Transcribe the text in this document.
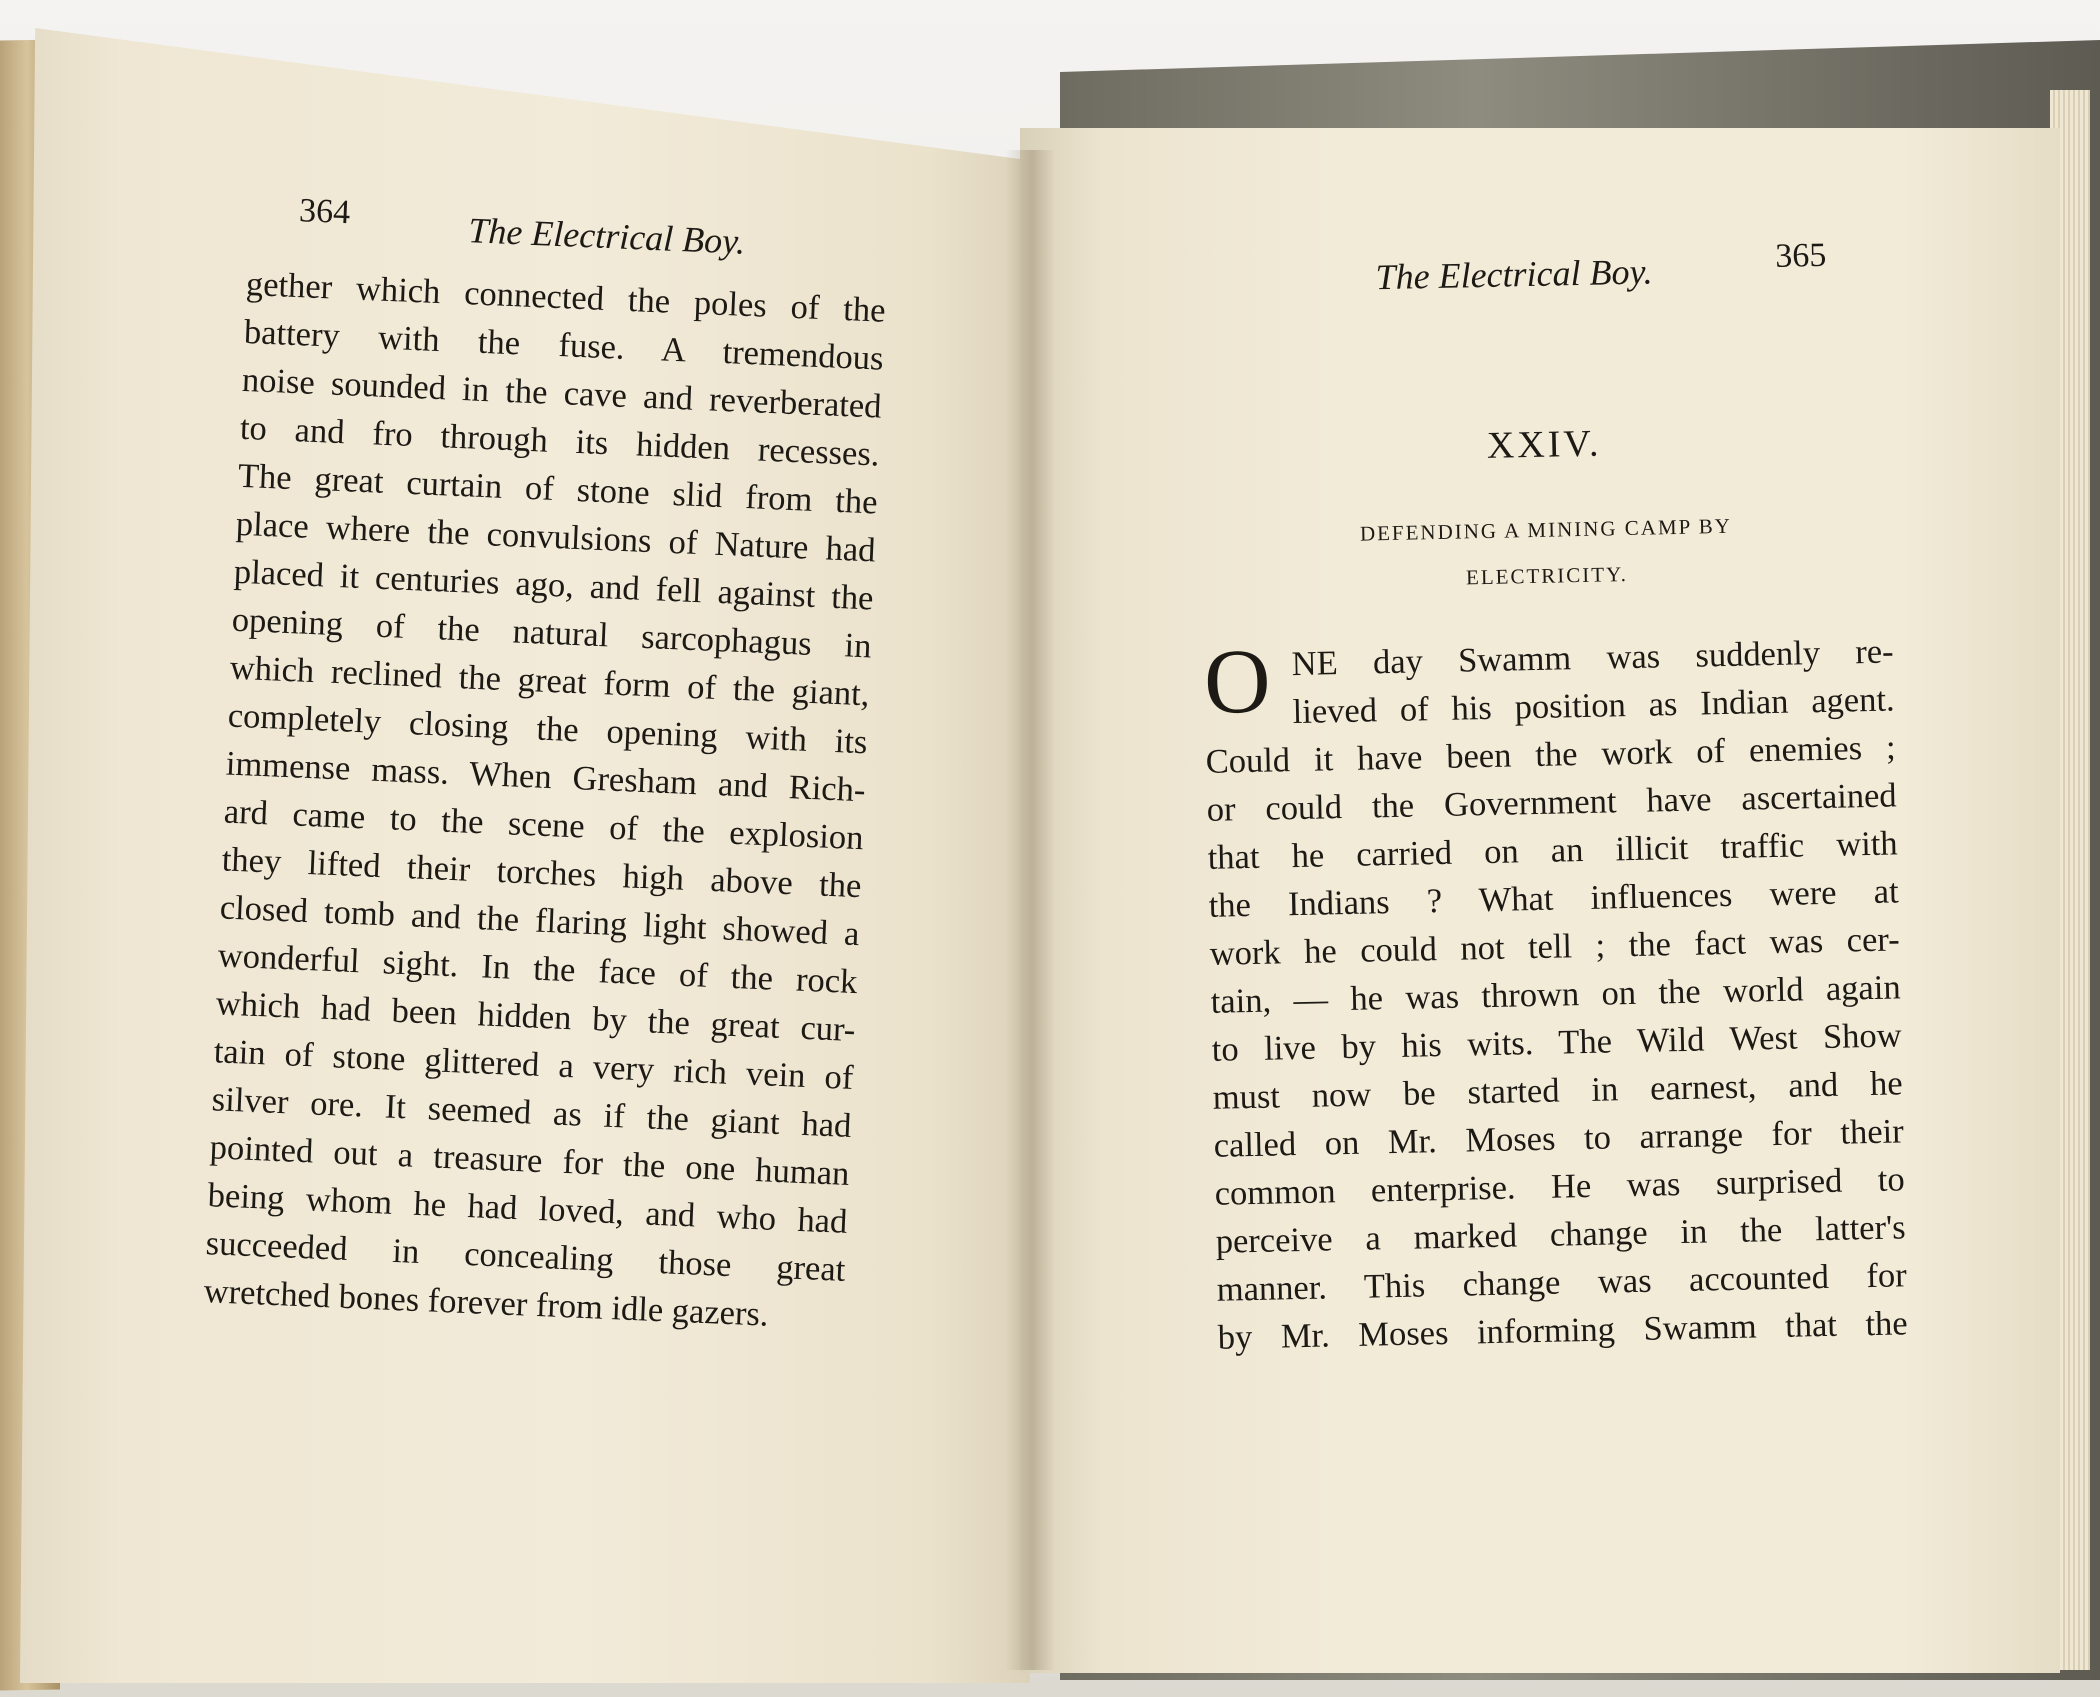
364	The Electrical Boy.
gether which connected the poles of the
battery with the fuse. A tremendous
noise sounded in the cave and reverberated
to and fro through its hidden recesses.
The great curtain of stone slid from the
place where the convulsions of Nature had
placed it centuries ago, and fell against the
opening of the natural sarcophagus in
which reclined the great form of the giant,
completely closing the opening with its
immense mass. When Gresham and Rich-
ard came to the scene of the explosion
they lifted their torches high above the
closed tomb and the flaring light showed a
wonderful sight. In the face of the rock
which had been hidden by the great cur-
tain of stone glittered a very rich vein of
silver ore. It seemed as if the giant had
pointed out a treasure for the one human
being whom he had loved, and who had
succeeded in concealing those great
wretched bones forever from idle gazers.
The Electrical Boy.	365
XXIV.
DEFENDING A MINING CAMP BY
ELECTRICITY.
O NE day Swamm was suddenly re-
lieved of his position as Indian agent.
Could it have been the work of enemies ;
or could the Government have ascertained
that he carried on an illicit traffic with
the Indians ? What influences were at
work he could not tell ; the fact was cer-
tain, — he was thrown on the world again
to live by his wits. The Wild West Show
must now be started in earnest, and he
called on Mr. Moses to arrange for their
common enterprise. He was surprised to
perceive a marked change in the latter's
manner. This change was accounted for
by Mr. Moses informing Swamm that the
